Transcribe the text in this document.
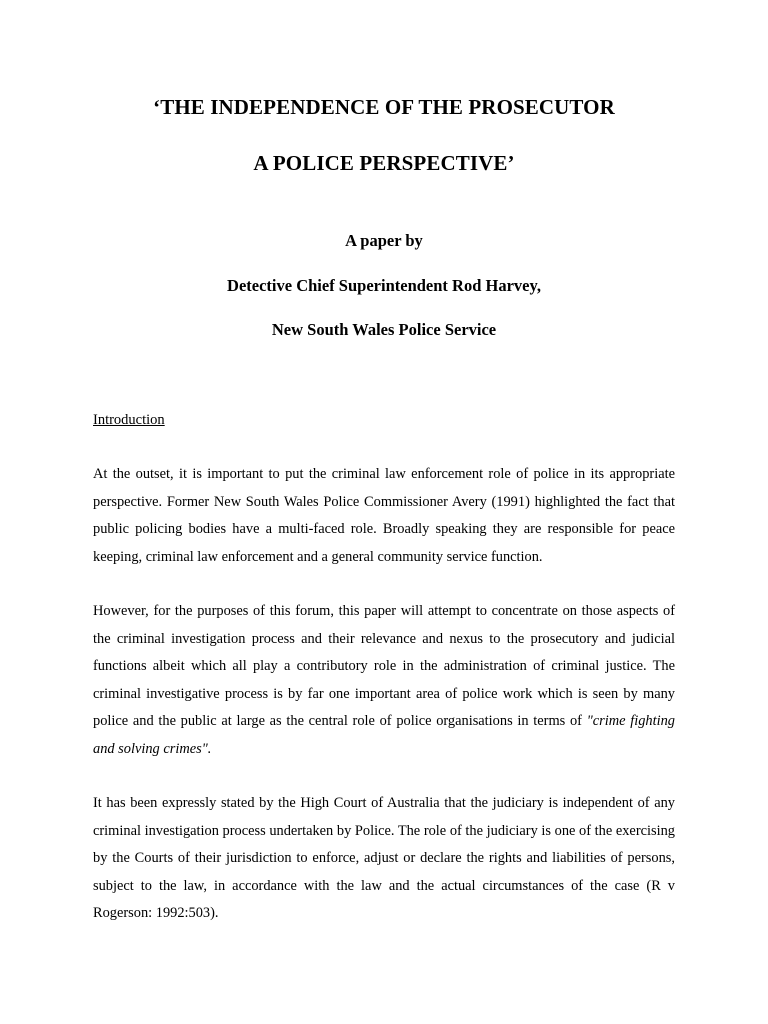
‘THE INDEPENDENCE OF THE PROSECUTOR
A POLICE PERSPECTIVE’
A paper by
Detective Chief Superintendent Rod Harvey,
New South Wales Police Service
Introduction

At the outset, it is important to put the criminal law enforcement role of police in its appropriate perspective. Former New South Wales Police Commissioner Avery (1991) highlighted the fact that public policing bodies have a multi-faced role. Broadly speaking they are responsible for peace keeping, criminal law enforcement and a general community service function.

However, for the purposes of this forum, this paper will attempt to concentrate on those aspects of the criminal investigation process and their relevance and nexus to the prosecutory and judicial functions albeit which all play a contributory role in the administration of criminal justice. The criminal investigative process is by far one important area of police work which is seen by many police and the public at large as the central role of police organisations in terms of "crime fighting and solving crimes".

It has been expressly stated by the High Court of Australia that the judiciary is independent of any criminal investigation process undertaken by Police. The role of the judiciary is one of the exercising by the Courts of their jurisdiction to enforce, adjust or declare the rights and liabilities of persons, subject to the law, in accordance with the law and the actual circumstances of the case (R v Rogerson: 1992:503).
